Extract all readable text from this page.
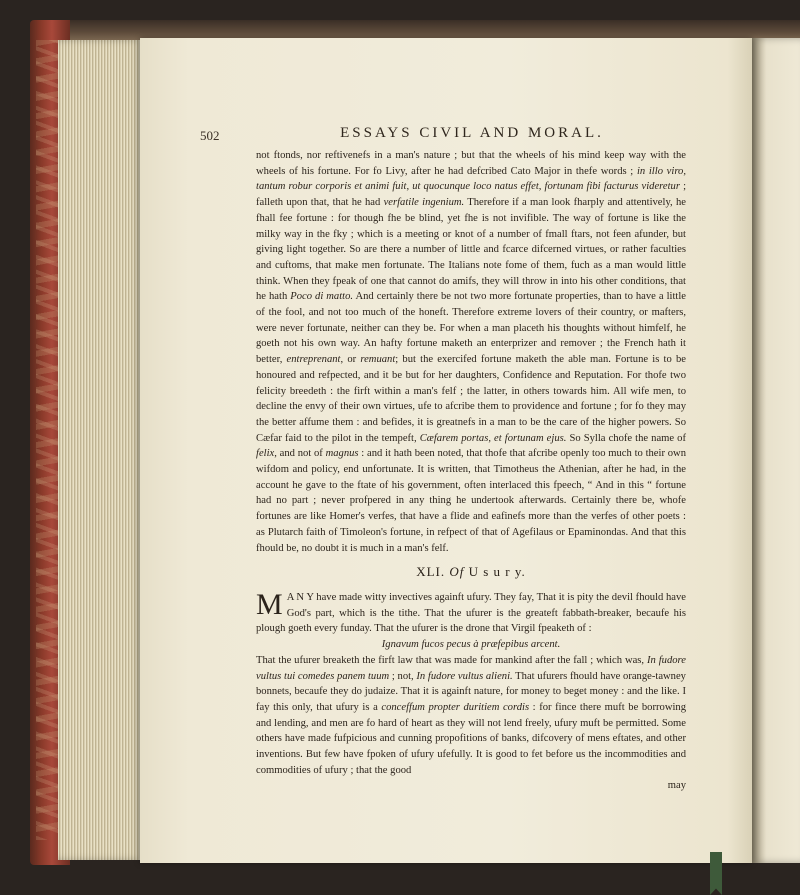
502	ESSAYS CIVIL AND MORAL.

not ftonds, nor reftivenefs in a man's nature ; but that the wheels of his mind keep way with the wheels of his fortune. For fo Livy, after he had defcribed Cato Major in thefe words ; in illo viro, tantum robur corporis et animi fuit, ut quocunque loco natus effet, fortunam fibi facturus videretur ; falleth upon that, that he had verfatile ingenium. Therefore if a man look fharply and attentively, he fhall fee fortune : for though fhe be blind, yet fhe is not invifible. The way of fortune is like the milky way in the fky ; which is a meeting or knot of a number of fmall ftars, not feen afunder, but giving light together. So are there a number of little and fcarce difcerned virtues, or rather faculties and cuftoms, that make men fortunate. The Italians note fome of them, fuch as a man would little think. When they fpeak of one that cannot do amifs, they will throw in into his other conditions, that he hath Poco di matto. And certainly there be not two more fortunate properties, than to have a little of the fool, and not too much of the honeft. Therefore extreme lovers of their country, or mafters, were never fortunate, neither can they be. For when a man placeth his thoughts without himfelf, he goeth not his own way. An hafty fortune maketh an enterprizer and remover ; the French hath it better, entreprenant, or remuant; but the exercifed fortune maketh the able man. Fortune is to be honoured and refpected, and it be but for her daughters, Confidence and Reputation. For thofe two felicity breedeth : the firft within a man's felf ; the latter, in others towards him. All wife men, to decline the envy of their own virtues, ufe to afcribe them to providence and fortune ; for fo they may the better affume them : and befides, it is greatnefs in a man to be the care of the higher powers. So Cæfar faid to the pilot in the tempeft, Cæfarem portas, et fortunam ejus. So Sylla chofe the name of felix, and not of magnus : and it hath been noted, that thofe that afcribe openly too much to their own wifdom and policy, end unfortunate. It is written, that Timotheus the Athenian, after he had, in the account he gave to the ftate of his government, often interlaced this fpeech, “ And in this “ fortune had no part ; never profpered in any thing he undertook afterwards. Certainly there be, whofe fortunes are like Homer's verfes, that have a flide and eafinefs more than the verfes of other poets : as Plutarch faith of Timoleon's fortune, in refpect of that of Agefilaus or Epaminondas. And that this fhould be, no doubt it is much in a man's felf.

XLI. Of U s u r y.

M A N Y have made witty invectives againft ufury. They fay, That it is pity the devil fhould have God's part, which is the tithe. That the ufurer is the greateft fabbath-breaker, becaufe his plough goeth every funday. That the ufurer is the drone that Virgil fpeaketh of :

Ignavum fucos pecus à præfepibus arcent.

That the ufurer breaketh the firft law that was made for mankind after the fall ; which was, In fudore vultus tui comedes panem tuum ; not, In fudore vultus alieni. That ufurers fhould have orange-tawney bonnets, becaufe they do judaize. That it is againft nature, for money to beget money : and the like. I fay this only, that ufury is a conceffum propter duritiem cordis : for fince there muft be borrowing and lending, and men are fo hard of heart as they will not lend freely, ufury muft be permitted. Some others have made fufpicious and cunning propofitions of banks, difcovery of mens eftates, and other inventions. But few have fpoken of ufury ufefully. It is good to fet before us the incommodities and commodities of ufury ; that the good

may
